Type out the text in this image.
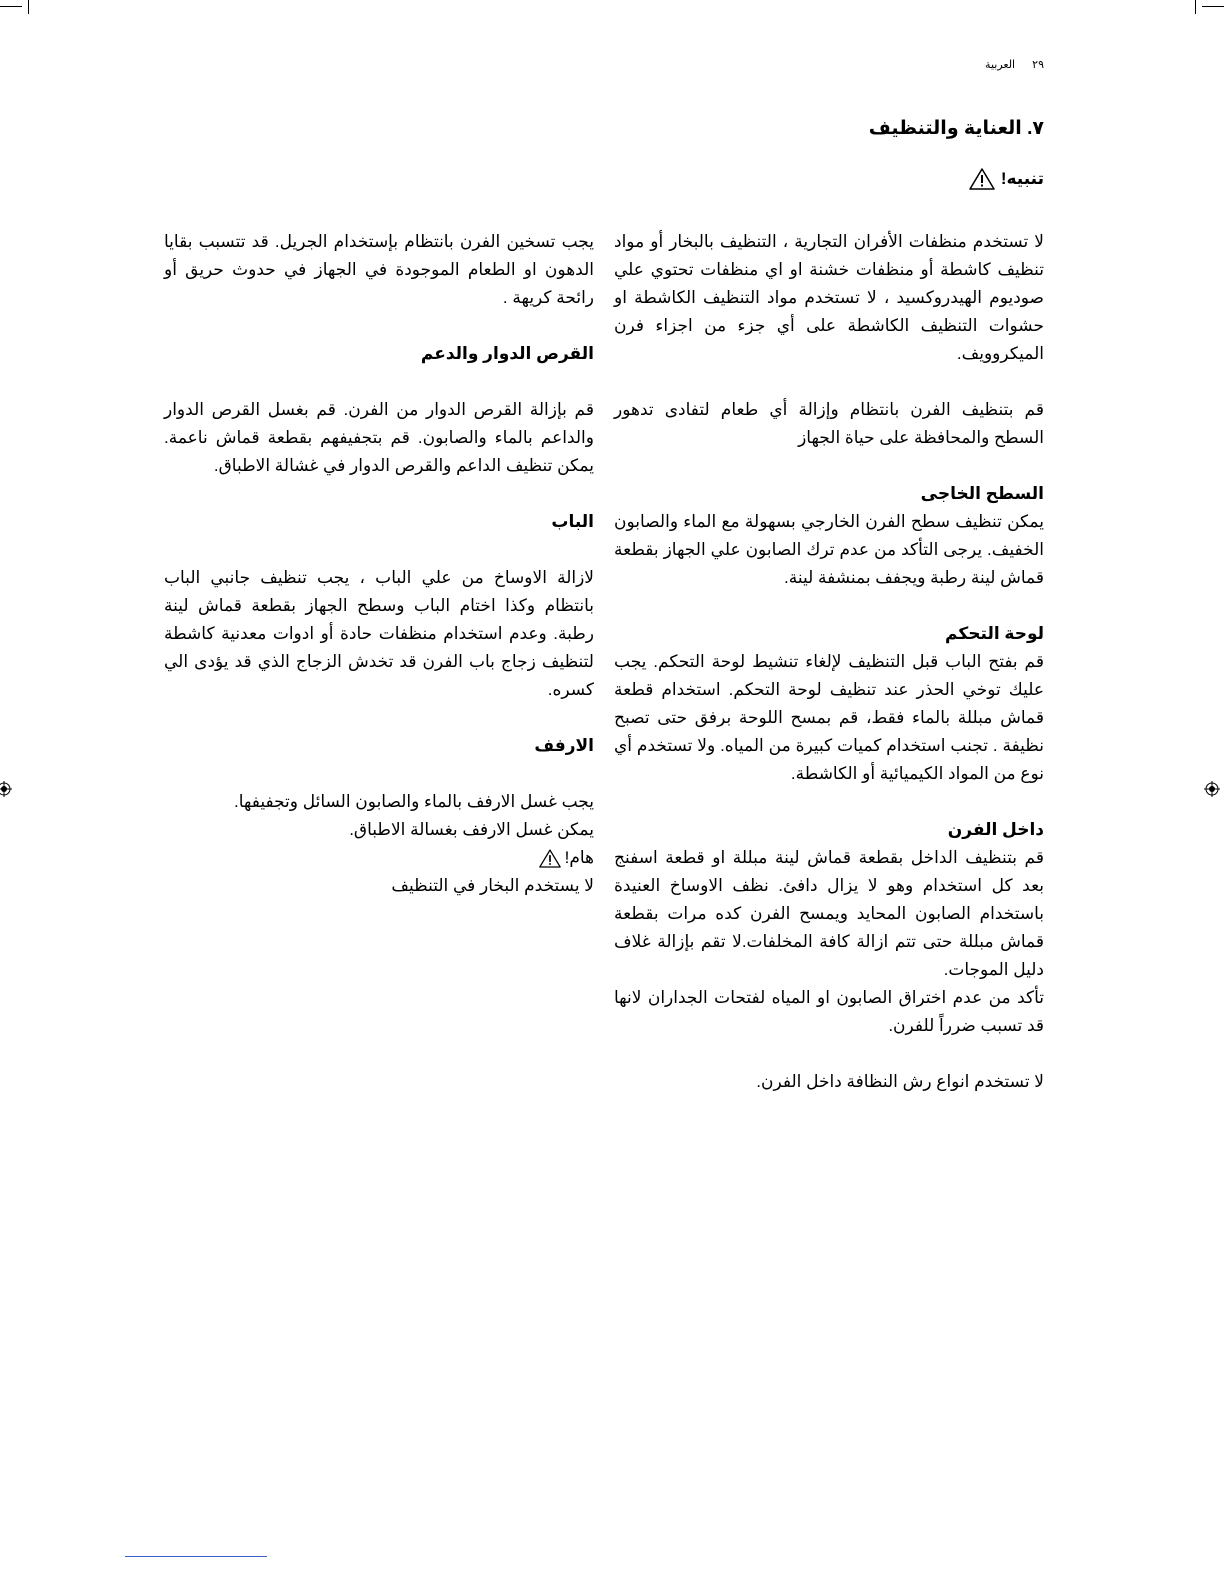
٢٩ العربية
٧. العناية والتنظيف
تنبيه!

لا تستخدم منظفات الأفران التجارية ، التنظيف بالبخار أو مواد تنظيف كاشطة أو منظفات خشنة او اي منظفات تحتوي علي صوديوم الهيدروكسيد ، لا تستخدم مواد التنظيف الكاشطة او حشوات التنظيف الكاشطة على أي جزء من اجزاء فرن الميكروويف.

قم بتنظيف الفرن بانتظام وإزالة أي طعام لتفادى تدهور السطح والمحافظة على حياة الجهاز

السطح الخاجى

يمكن تنظيف سطح الفرن الخارجي بسهولة مع الماء والصابون الخفيف. يرجى التأكد من عدم ترك الصابون علي الجهاز بقطعة قماش لينة رطبة ويجفف بمنشفة لينة.

لوحة التحكم

قم بفتح الباب قبل التنظيف لإلغاء تنشيط لوحة التحكم. يجب عليك توخي الحذر عند تنظيف لوحة التحكم. استخدام قطعة قماش مبللة بالماء فقط، قم بمسح اللوحة برفق حتى تصبح نظيفة . تجنب استخدام كميات كبيرة من المياه. ولا تستخدم أي نوع من المواد الكيميائية أو الكاشطة.

داخل الفرن

قم بتنظيف الداخل بقطعة قماش لينة مبللة او قطعة اسفنج بعد كل استخدام وهو لا يزال دافئ. نظف الاوساخ العنيدة باستخدام الصابون المحايد ويمسح الفرن كده مرات بقطعة قماش مبللة حتى تتم ازالة كافة المخلفات.لا تقم بإزالة غلاف دليل الموجات.

تأكد من عدم اختراق الصابون او المياه لفتحات الجداران لانها قد تسبب ضرراً للفرن.

لا تستخدم انواع رش النظافة داخل الفرن.

يجب تسخين الفرن بانتظام بإستخدام الجريل. قد تتسبب بقايا الدهون او الطعام الموجودة في الجهاز في حدوث حريق أو رائحة كريهة .

القرص الدوار والدعم

قم بإزالة القرص الدوار من الفرن. قم بغسل القرص الدوار والداعم بالماء والصابون. قم بتجفيفهم بقطعة قماش ناعمة. يمكن تنظيف الداعم والقرص الدوار في غشالة الاطباق.

الباب

لازالة الاوساخ من علي الباب ، يجب تنظيف جانبي الباب بانتظام وكذا اختام الباب وسطح الجهاز بقطعة قماش لينة رطبة. وعدم استخدام منظفات حادة أو ادوات معدنية كاشطة لتنظيف زجاج باب الفرن قد تخدش الزجاج الذي قد يؤدى الي كسره.

الارفف

يجب غسل الارفف بالماء والصابون السائل وتجفيفها.

يمكن غسل الارفف بغسالة الاطباق.

هام!

لا يستخدم البخار في التنظيف
